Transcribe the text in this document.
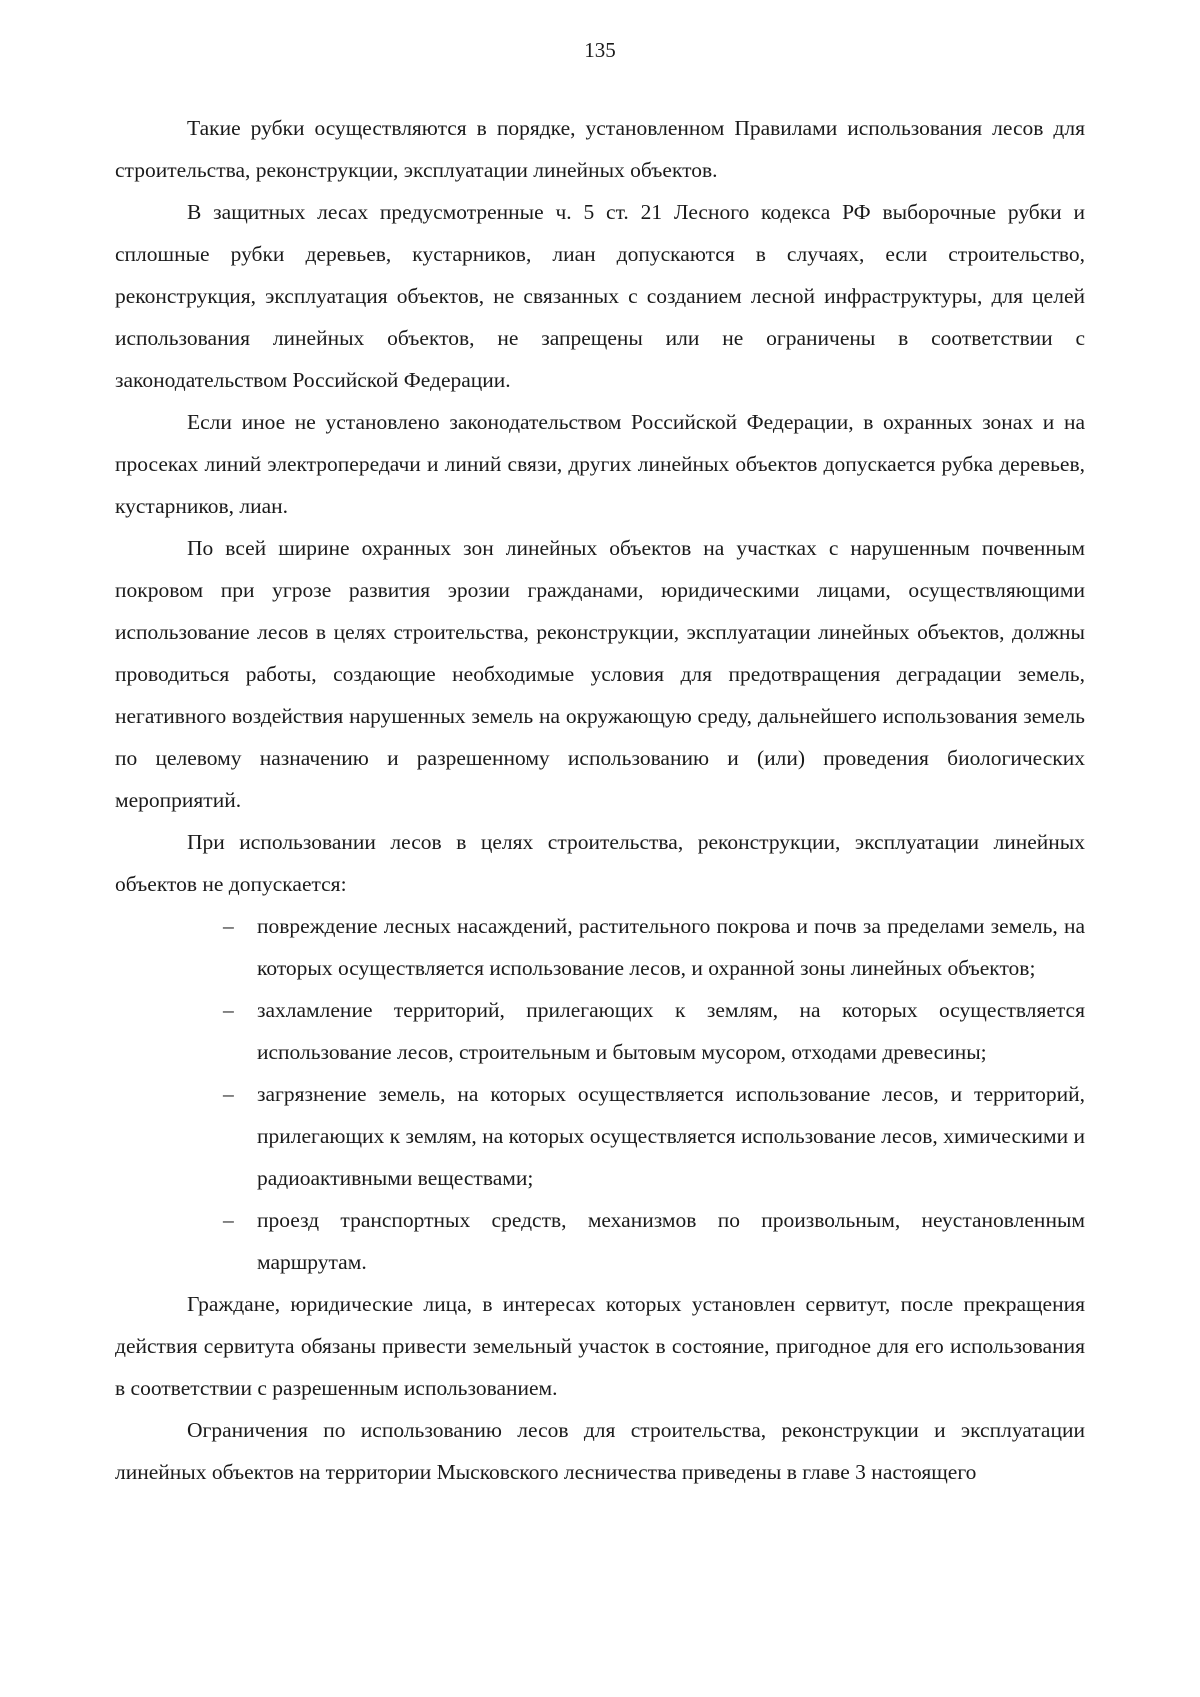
135

Такие рубки осуществляются в порядке, установленном Правилами использования лесов для строительства, реконструкции, эксплуатации линейных объектов.

В защитных лесах предусмотренные ч. 5 ст. 21 Лесного кодекса РФ выборочные рубки и сплошные рубки деревьев, кустарников, лиан допускаются в случаях, если строительство, реконструкция, эксплуатация объектов, не связанных с созданием лесной инфраструктуры, для целей использования линейных объектов, не запрещены или не ограничены в соответствии с законодательством Российской Федерации.

Если иное не установлено законодательством Российской Федерации, в охранных зонах и на просеках линий электропередачи и линий связи, других линейных объектов допускается рубка деревьев, кустарников, лиан.

По всей ширине охранных зон линейных объектов на участках с нарушенным почвенным покровом при угрозе развития эрозии гражданами, юридическими лицами, осуществляющими использование лесов в целях строительства, реконструкции, эксплуатации линейных объектов, должны проводиться работы, создающие необходимые условия для предотвращения деградации земель, негативного воздействия нарушенных земель на окружающую среду, дальнейшего использования земель по целевому назначению и разрешенному использованию и (или) проведения биологических мероприятий.

При использовании лесов в целях строительства, реконструкции, эксплуатации линейных объектов не допускается:

– повреждение лесных насаждений, растительного покрова и почв за пределами земель, на которых осуществляется использование лесов, и охранной зоны линейных объектов;
– захламление территорий, прилегающих к землям, на которых осуществляется использование лесов, строительным и бытовым мусором, отходами древесины;
– загрязнение земель, на которых осуществляется использование лесов, и территорий, прилегающих к землям, на которых осуществляется использование лесов, химическими и радиоактивными веществами;
– проезд транспортных средств, механизмов по произвольным, неустановленным маршрутам.

Граждане, юридические лица, в интересах которых установлен сервитут, после прекращения действия сервитута обязаны привести земельный участок в состояние, пригодное для его использования в соответствии с разрешенным использованием.

Ограничения по использованию лесов для строительства, реконструкции и эксплуатации линейных объектов на территории Мысковского лесничества приведены в главе 3 настоящего
